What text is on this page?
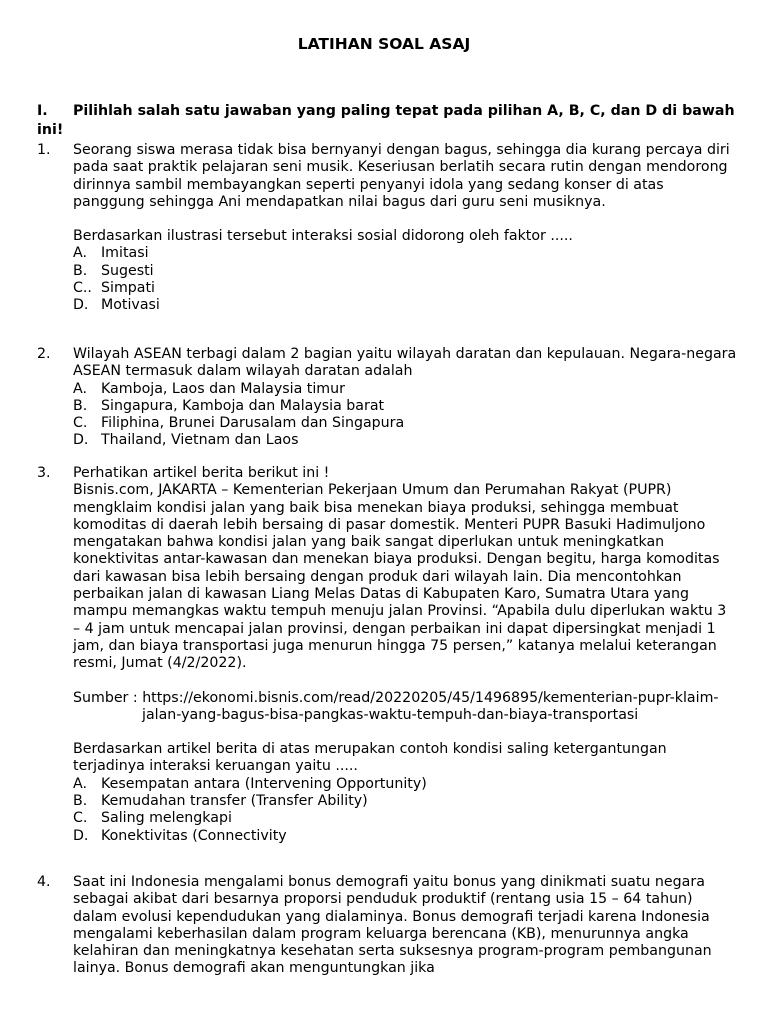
LATIHAN SOAL ASAJ
I. Pilihlah salah satu jawaban yang paling tepat pada pilihan A, B, C, dan D di bawah ini!
1. Seorang siswa merasa tidak bisa bernyanyi dengan bagus, sehingga dia kurang percaya diri pada saat praktik pelajaran seni musik. Keseriusan berlatih secara rutin dengan mendorong dirinnya sambil membayangkan seperti penyanyi idola yang sedang konser di atas panggung sehingga Ani mendapatkan nilai bagus dari guru seni musiknya.

Berdasarkan ilustrasi tersebut interaksi sosial didorong oleh faktor .....

A. Imitasi
B. Sugesti
C.. Simpati
D. Motivasi
2. Wilayah ASEAN terbagi dalam 2 bagian yaitu wilayah daratan dan kepulauan. Negara-negara ASEAN termasuk dalam wilayah daratan adalah

A. Kamboja, Laos dan Malaysia timur
B. Singapura, Kamboja dan Malaysia barat
C. Filiphina, Brunei Darusalam dan Singapura
D. Thailand, Vietnam dan Laos
3. Perhatikan artikel berita berikut ini !

Bisnis.com, JAKARTA – Kementerian Pekerjaan Umum dan Perumahan Rakyat (PUPR) mengklaim kondisi jalan yang baik bisa menekan biaya produksi, sehingga membuat komoditas di daerah lebih bersaing di pasar domestik. Menteri PUPR Basuki Hadimuljono mengatakan bahwa kondisi jalan yang baik sangat diperlukan untuk meningkatkan konektivitas antar-kawasan dan menekan biaya produksi. Dengan begitu, harga komoditas dari kawasan bisa lebih bersaing dengan produk dari wilayah lain. Dia mencontohkan perbaikan jalan di kawasan Liang Melas Datas di Kabupaten Karo, Sumatra Utara yang mampu memangkas waktu tempuh menuju jalan Provinsi. “Apabila dulu diperlukan waktu 3 – 4 jam untuk mencapai jalan provinsi, dengan perbaikan ini dapat dipersingkat menjadi 1 jam, dan biaya transportasi juga menurun hingga 75 persen,” katanya melalui keterangan resmi, Jumat (4/2/2022).

Sumber : https://ekonomi.bisnis.com/read/20220205/45/1496895/kementerian-pupr-klaim-jalan-yang-bagus-bisa-pangkas-waktu-tempuh-dan-biaya-transportasi

Berdasarkan artikel berita di atas merupakan contoh kondisi saling ketergantungan terjadinya interaksi keruangan yaitu .....

A. Kesempatan antara (Intervening Opportunity)
B. Kemudahan transfer (Transfer Ability)
C. Saling melengkapi
D. Konektivitas (Connectivity
4. Saat ini Indonesia mengalami bonus demografi yaitu bonus yang dinikmati suatu negara sebagai akibat dari besarnya proporsi penduduk produktif (rentang usia 15 – 64 tahun) dalam evolusi kependudukan yang dialaminya. Bonus demografi terjadi karena Indonesia mengalami keberhasilan dalam program keluarga berencana (KB), menurunnya angka kelahiran dan meningkatnya kesehatan serta suksesnya program-program pembangunan lainya. Bonus demografi akan menguntungkan jika
